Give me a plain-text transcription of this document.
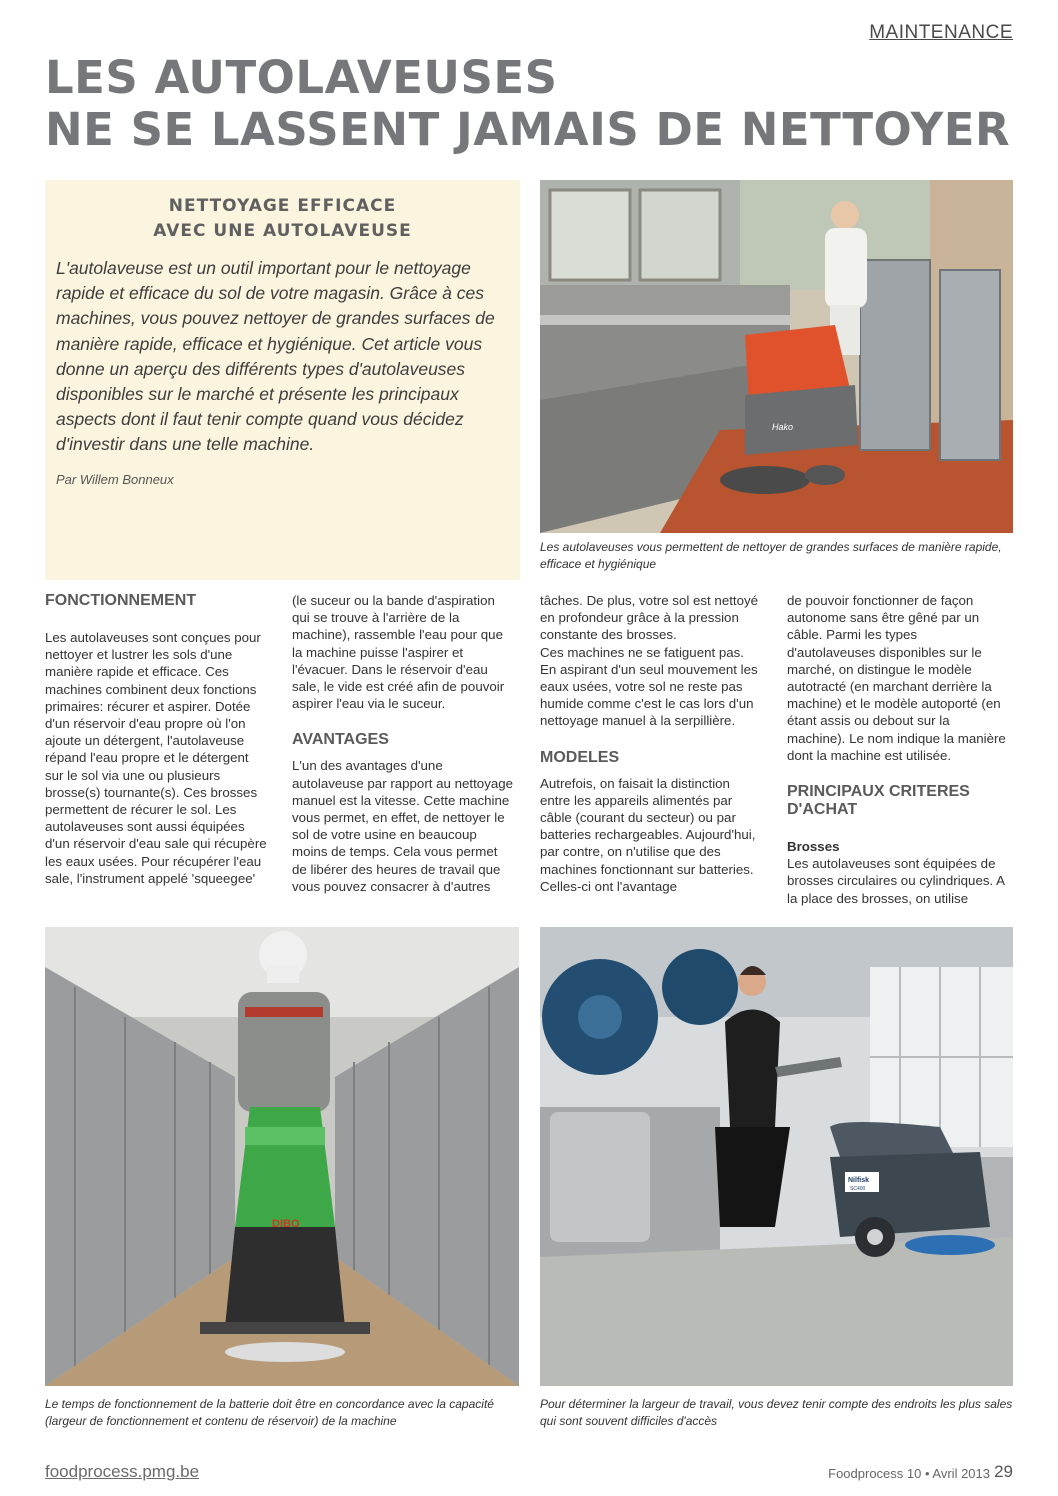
MAINTENANCE
LES AUTOLAVEUSES
NE SE LASSENT JAMAIS DE NETTOYER
NETTOYAGE EFFICACE
AVEC UNE AUTOLAVEUSE

L'autolaveuse est un outil important pour le nettoyage rapide et efficace du sol de votre magasin. Grâce à ces machines, vous pouvez nettoyer de grandes surfaces de manière rapide, efficace et hygiénique. Cet article vous donne un aperçu des différents types d'autolaveuses disponibles sur le marché et présente les principaux aspects dont il faut tenir compte quand vous décidez d'investir dans une telle machine.

Par Willem Bonneux

Hako

Les autolaveuses vous permettent de nettoyer de grandes surfaces de manière rapide,
efficace et hygiénique

FONCTIONNEMENT

Les autolaveuses sont conçues pour nettoyer et lustrer les sols d'une manière rapide et efficace. Ces machines combinent deux fonctions primaires: récurer et aspirer. Dotée d'un réservoir d'eau propre où l'on ajoute un détergent, l'autolaveuse répand l'eau propre et le détergent sur le sol via une ou plusieurs brosse(s) tournante(s). Ces brosses permettent de récurer le sol. Les autolaveuses sont aussi équipées d'un réservoir d'eau sale qui récupère les eaux usées. Pour récupérer l'eau sale, l'instrument appelé 'squeegee'

(le suceur ou la bande d'aspiration qui se trouve à l'arrière de la machine), rassemble l'eau pour que la machine puisse l'aspirer et l'évacuer. Dans le réservoir d'eau sale, le vide est créé afin de pouvoir aspirer l'eau via le suceur.

AVANTAGES

L'un des avantages d'une autolaveuse par rapport au nettoyage manuel est la vitesse. Cette machine vous permet, en effet, de nettoyer le sol de votre usine en beaucoup moins de temps. Cela vous permet de libérer des heures de travail que vous pouvez consacrer à d'autres

tâches. De plus, votre sol est nettoyé en profondeur grâce à la pression constante des brosses.

Ces machines ne se fatiguent pas. En aspirant d'un seul mouvement les eaux usées, votre sol ne reste pas humide comme c'est le cas lors d'un nettoyage manuel à la serpillière.

MODELES

Autrefois, on faisait la distinction entre les appareils alimentés par câble (courant du secteur) ou par batteries rechargeables. Aujourd'hui, par contre, on n'utilise que des machines fonctionnant sur batteries. Celles-ci ont l'avantage

de pouvoir fonctionner de façon autonome sans être gêné par un câble. Parmi les types d'autolaveuses disponibles sur le marché, on distingue le modèle autotracté (en marchant derrière la machine) et le modèle autoporté (en étant assis ou debout sur la machine). Le nom indique la manière dont la machine est utilisée.

PRINCIPAUX CRITERES
D'ACHAT
Brosses

Les autolaveuses sont équipées de brosses circulaires ou cylindriques. A la place des brosses, on utilise

DIBO

Le temps de fonctionnement de la batterie doit être en concordance avec la capacité
(largeur de fonctionnement et contenu de réservoir) de la machine

Nilfisk
SC400

Pour déterminer la largeur de travail, vous devez tenir compte des endroits les plus sales
qui sont souvent difficiles d'accès

foodprocess.pmg.be	Foodprocess 10 • Avril 2013 29
